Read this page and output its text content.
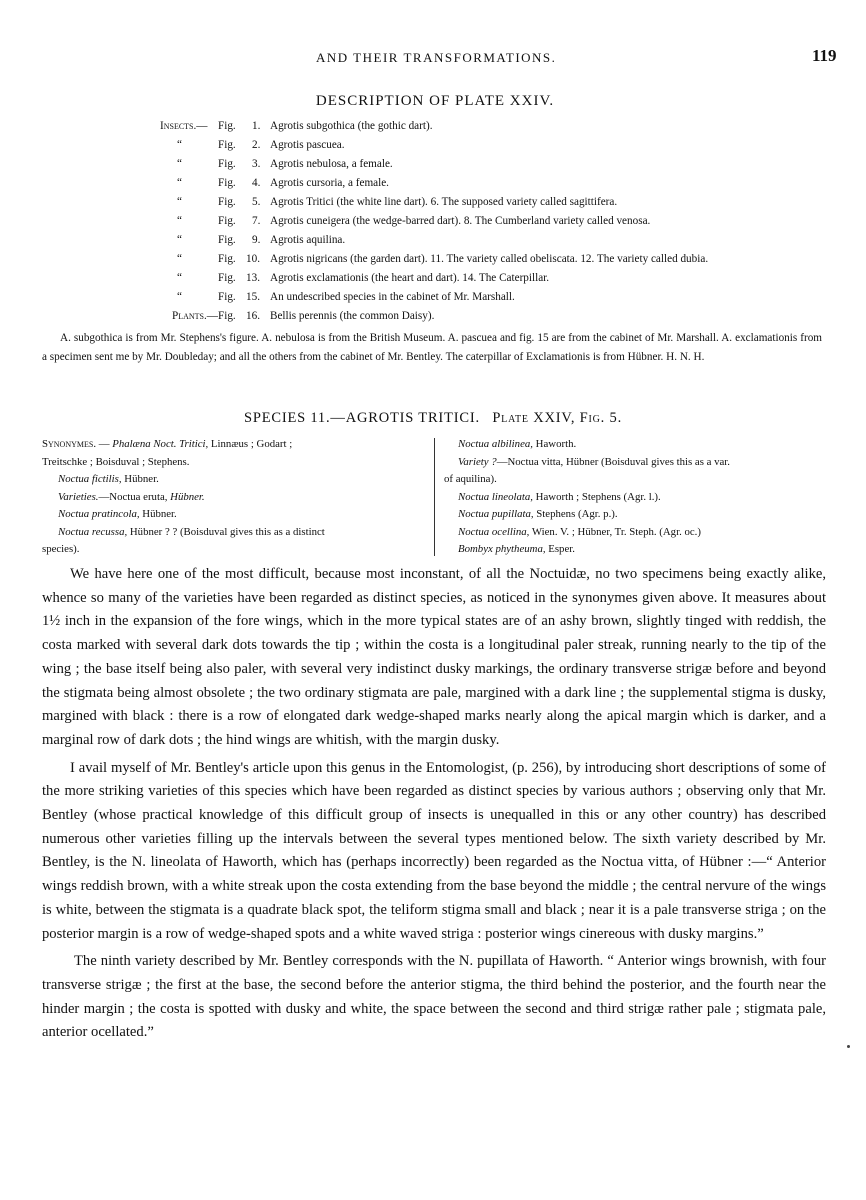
AND THEIR TRANSFORMATIONS.	119
DESCRIPTION OF PLATE XXIV.
Insects.— Fig. 1. Agrotis subgothica (the gothic dart).
“	Fig. 2. Agrotis pascuea.
“	Fig. 3. Agrotis nebulosa, a female.
“	Fig. 4. Agrotis cursoria, a female.
“	Fig. 5. Agrotis Tritici (the white line dart). 6. The supposed variety called sagittifera.
“	Fig. 7. Agrotis cuneigera (the wedge-barred dart). 8. The Cumberland variety called venosa.
“	Fig. 9. Agrotis aquilina.
“	Fig. 10. Agrotis nigricans (the garden dart). 11. The variety called obeliscata. 12. The variety called dubia.
“	Fig. 13. Agrotis exclamationis (the heart and dart). 14. The Caterpillar.
“	Fig. 15. An undescribed species in the cabinet of Mr. Marshall.
Plants.— Fig. 16. Bellis perennis (the common Daisy).

A. subgothica is from Mr. Stephens's figure. A. nebulosa is from the British Museum. A. pascuea and fig. 15 are from the cabinet of Mr. Marshall. A. exclamationis from a specimen sent me by Mr. Doubleday; and all the others from the cabinet of Mr. Bentley. The caterpillar of Exclamationis is from Hübner. H. N. H.

SPECIES 11.—AGROTIS TRITICI. Plate XXIV, Fig. 5.

Synonymes. — Phalæna Noct. Tritici, Linnæus ; Godart ;

Treitschke ; Boisduval ; Stephens.

Noctua fictilis, Hübner.

Varieties.—Noctua eruta, Hübner.

Noctua pratincola, Hübner.

Noctua recussa, Hübner ? ? (Boisduval gives this as a distinct

species).

Noctua albilinea, Haworth.

Variety ?—Noctua vitta, Hübner (Boisduval gives this as a var.

of aquilina).

Noctua lineolata, Haworth ; Stephens (Agr. l.).

Noctua pupillata, Stephens (Agr. p.).

Noctua ocellina, Wien. V. ; Hübner, Tr. Steph. (Agr. oc.)

Bombyx phytheuma, Esper.

We have here one of the most difficult, because most inconstant, of all the Noctuidæ, no two specimens being exactly alike, whence so many of the varieties have been regarded as distinct species, as noticed in the synonymes given above. It measures about 1½ inch in the expansion of the fore wings, which in the more typical states are of an ashy brown, slightly tinged with reddish, the costa marked with several dark dots towards the tip ; within the costa is a longitudinal paler streak, running nearly to the tip of the wing ; the base itself being also paler, with several very indistinct dusky markings, the ordinary transverse strigæ before and beyond the stigmata being almost obsolete ; the two ordinary stigmata are pale, margined with a dark line ; the supplemental stigma is dusky, margined with black : there is a row of elongated dark wedge-shaped marks nearly along the apical margin which is darker, and a marginal row of dark dots ; the hind wings are whitish, with the margin dusky.

I avail myself of Mr. Bentley's article upon this genus in the Entomologist, (p. 256), by introducing short descriptions of some of the more striking varieties of this species which have been regarded as distinct species by various authors ; observing only that Mr. Bentley (whose practical knowledge of this difficult group of insects is unequalled in this or any other country) has described numerous other varieties filling up the intervals between the several types mentioned below. The sixth variety described by Mr. Bentley, is the N. lineolata of Haworth, which has (perhaps incorrectly) been regarded as the Noctua vitta, of Hübner :—“ Anterior wings reddish brown, with a white streak upon the costa extending from the base beyond the middle ; the central nervure of the wings is white, between the stigmata is a quadrate black spot, the teliform stigma small and black ; near it is a pale transverse striga ; on the posterior margin is a row of wedge-shaped spots and a white waved striga : posterior wings cinereous with dusky margins.”

The ninth variety described by Mr. Bentley corresponds with the N. pupillata of Haworth. “ Anterior wings brownish, with four transverse strigæ ; the first at the base, the second before the anterior stigma, the third behind the posterior, and the fourth near the hinder margin ; the costa is spotted with dusky and white, the space between the second and third strigæ rather pale ; stigmata pale, anterior ocellated.”
